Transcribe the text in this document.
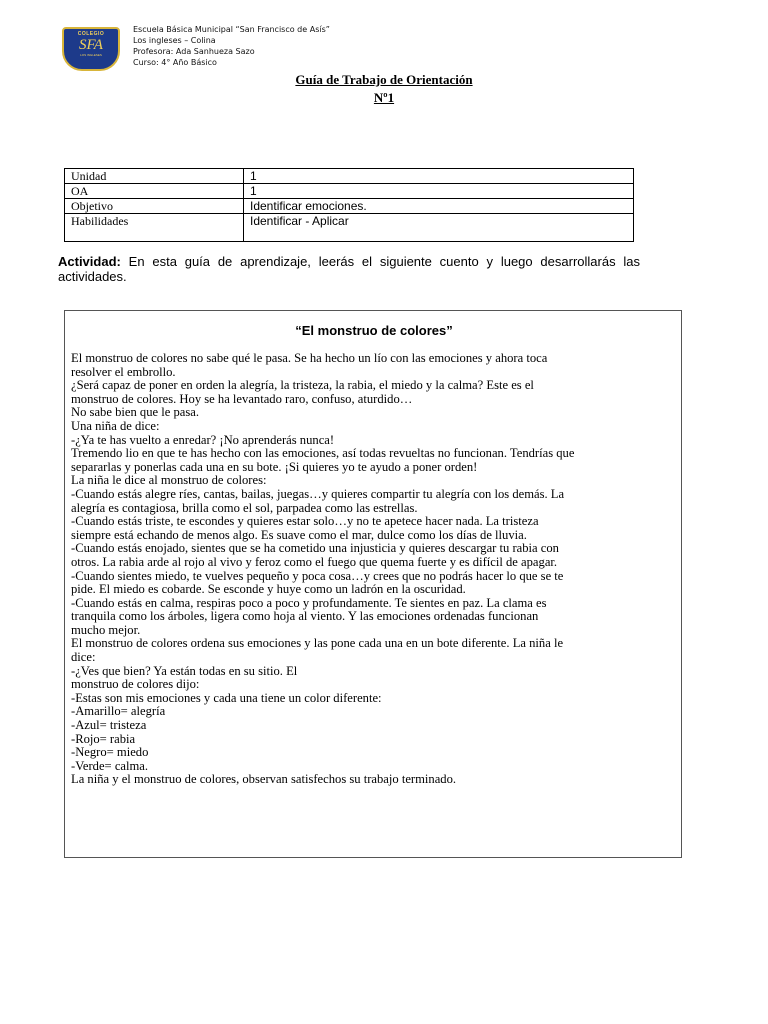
COLEGIO
SFA
LOS INGLESES
Escuela Básica Municipal “San Francisco de Asís”
Los ingleses – Colina
Profesora: Ada Sanhueza Sazo
Curso: 4° Año Básico
Guía de Trabajo de Orientación
Nº1
Unidad	1
OA	1
Objetivo	Identificar emociones.
Habilidades	Identificar - Aplicar
Actividad: En esta guía de aprendizaje, leerás el siguiente cuento y luego desarrollarás las actividades.
“El monstruo de colores”
El monstruo de colores no sabe qué le pasa. Se ha hecho un lío con las emociones y ahora toca
resolver el embrollo.
¿Será capaz de poner en orden la alegría, la tristeza, la rabia, el miedo y la calma? Este es el
monstruo de colores. Hoy se ha levantado raro, confuso, aturdido…
No sabe bien que le pasa.
Una niña de dice:
-¿Ya te has vuelto a enredar? ¡No aprenderás nunca!
Tremendo lio en que te has hecho con las emociones, así todas revueltas no funcionan. Tendrías que
separarlas y ponerlas cada una en su bote. ¡Si quieres yo te ayudo a poner orden!
La niña le dice al monstruo de colores:
-Cuando estás alegre ríes, cantas, bailas, juegas…y quieres compartir tu alegría con los demás. La
alegría es contagiosa, brilla como el sol, parpadea como las estrellas.
-Cuando estás triste, te escondes y quieres estar solo…y no te apetece hacer nada. La tristeza
siempre está echando de menos algo. Es suave como el mar, dulce como los días de lluvia.
-Cuando estás enojado, sientes que se ha cometido una injusticia y quieres descargar tu rabia con
otros. La rabia arde al rojo al vivo y feroz como el fuego que quema fuerte y es difícil de apagar.
-Cuando sientes miedo, te vuelves pequeño y poca cosa…y crees que no podrás hacer lo que se te
pide. El miedo es cobarde. Se esconde y huye como un ladrón en la oscuridad.
-Cuando estás en calma, respiras poco a poco y profundamente. Te sientes en paz. La clama es
tranquila como los árboles, ligera como hoja al viento. Y las emociones ordenadas funcionan
mucho mejor.
El monstruo de colores ordena sus emociones y las pone cada una en un bote diferente. La niña le
dice:
-¿Ves que bien? Ya están todas en su sitio. El
monstruo de colores dijo:
-Estas son mis emociones y cada una tiene un color diferente:
-Amarillo= alegría
-Azul= tristeza
-Rojo= rabia
-Negro= miedo
-Verde= calma.
La niña y el monstruo de colores, observan satisfechos su trabajo terminado.
